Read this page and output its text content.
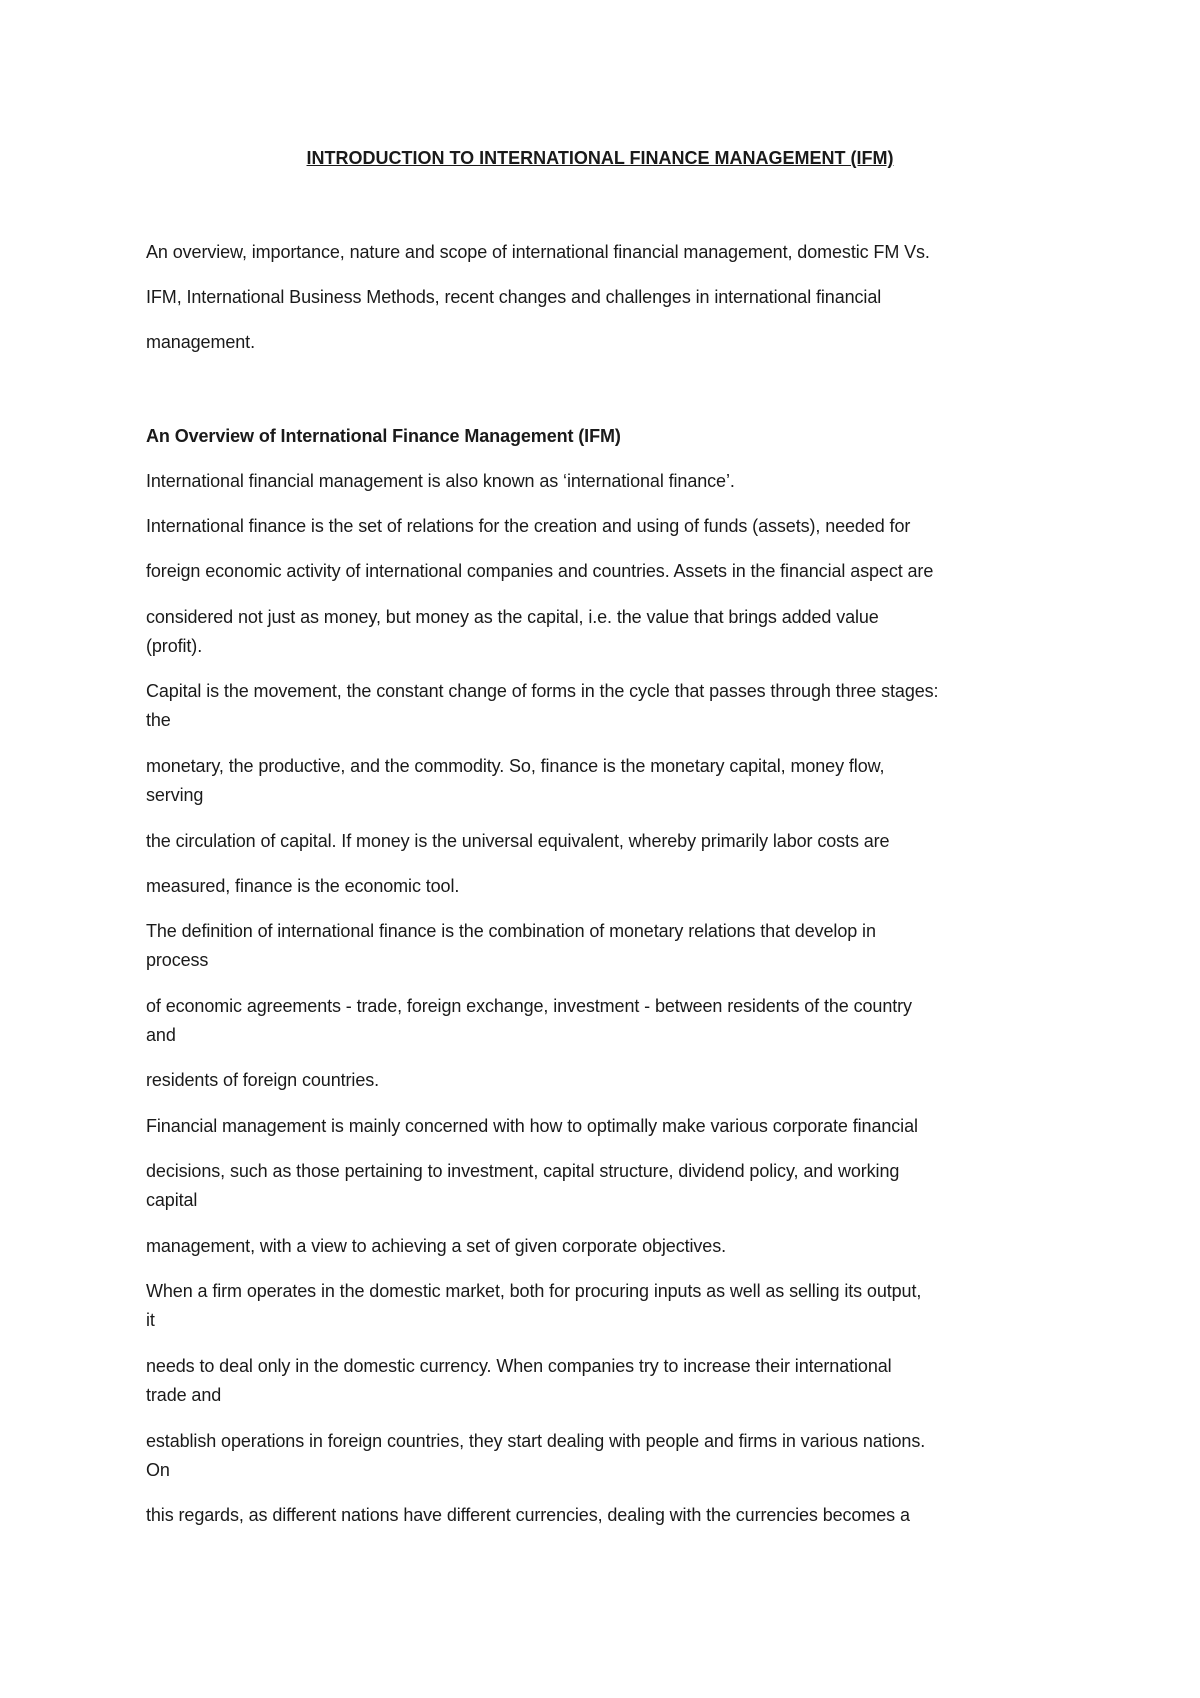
INTRODUCTION TO INTERNATIONAL FINANCE MANAGEMENT (IFM)
An overview, importance, nature and scope of international financial management, domestic FM Vs.
IFM, International Business Methods, recent changes and challenges in international financial
management.
An Overview of International Finance Management (IFM)
International financial management is also known as ‘international finance’.
International finance is the set of relations for the creation and using of funds (assets), needed for
foreign economic activity of international companies and countries. Assets in the financial aspect are
considered not just as money, but money as the capital, i.e. the value that brings added value
(profit).
Capital is the movement, the constant change of forms in the cycle that passes through three stages:
the
monetary, the productive, and the commodity. So, finance is the monetary capital, money flow,
serving
the circulation of capital. If money is the universal equivalent, whereby primarily labor costs are
measured, finance is the economic tool.
The definition of international finance is the combination of monetary relations that develop in
process
of economic agreements - trade, foreign exchange, investment - between residents of the country
and
residents of foreign countries.
Financial management is mainly concerned with how to optimally make various corporate financial
decisions, such as those pertaining to investment, capital structure, dividend policy, and working
capital
management, with a view to achieving a set of given corporate objectives.
When a firm operates in the domestic market, both for procuring inputs as well as selling its output,
it
needs to deal only in the domestic currency. When companies try to increase their international
trade and
establish operations in foreign countries, they start dealing with people and firms in various nations.
On
this regards, as different nations have different currencies, dealing with the currencies becomes a
